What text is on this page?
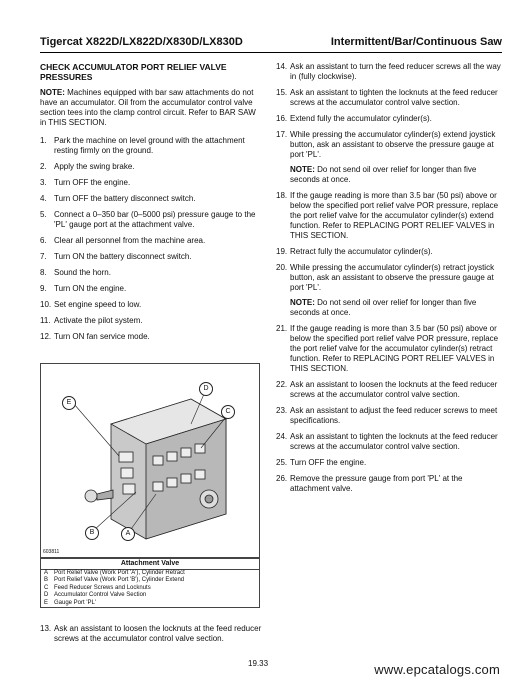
Tigercat X822D/LX822D/X830D/LX830D	Intermittent/Bar/Continuous Saw
CHECK ACCUMULATOR PORT RELIEF VALVE PRESSURES
NOTE: Machines equipped with bar saw attachments do not have an accumulator. Oil from the accumulator control valve section tees into the clamp control circuit. Refer to BAR SAW in THIS SECTION.
1. Park the machine on level ground with the attachment resting firmly on the ground.
2. Apply the swing brake.
3. Turn OFF the engine.
4. Turn OFF the battery disconnect switch.
5. Connect a 0–350 bar (0–5000 psi) pressure gauge to the 'PL' gauge port at the attachment valve.
6. Clear all personnel from the machine area.
7. Turn ON the battery disconnect switch.
8. Sound the horn.
9. Turn ON the engine.
10. Set engine speed to low.
11. Activate the pilot system.
12. Turn ON fan service mode.
E
D
C
B	A
603811
Attachment Valve
A Port Relief Valve (Work Port 'A'), Cylinder Retract
B Port Relief Valve (Work Port 'B'), Cylinder Extend
C Feed Reducer Screws and Locknuts
D Accumulator Control Valve Section
E Gauge Port 'PL'
13. Ask an assistant to loosen the locknuts at the feed reducer screws at the accumulator control valve section.
14. Ask an assistant to turn the feed reducer screws all the way in (fully clockwise).
15. Ask an assistant to tighten the locknuts at the feed reducer screws at the accumulator control valve section.
16. Extend fully the accumulator cylinder(s).
17. While pressing the accumulator cylinder(s) extend joystick button, ask an assistant to observe the pressure gauge at port 'PL'.
NOTE: Do not send oil over relief for longer than five seconds at once.
18. If the gauge reading is more than 3.5 bar (50 psi) above or below the specified port relief valve POR pressure, replace the port relief valve for the accumulator cylinder(s) extend function. Refer to REPLACING PORT RELIEF VALVES in THIS SECTION.
19. Retract fully the accumulator cylinder(s).
20. While pressing the accumulator cylinder(s) retract joystick button, ask an assistant to observe the pressure gauge at port 'PL'.
NOTE: Do not send oil over relief for longer than five seconds at once.
21. If the gauge reading is more than 3.5 bar (50 psi) above or below the specified port relief valve POR pressure, replace the port relief valve for the accumulator cylinder(s) retract function. Refer to REPLACING PORT RELIEF VALVES in THIS SECTION.
22. Ask an assistant to loosen the locknuts at the feed reducer screws at the accumulator control valve section.
23. Ask an assistant to adjust the feed reducer screws to meet specifications.
24. Ask an assistant to tighten the locknuts at the feed reducer screws at the accumulator control valve section.
25. Turn OFF the engine.
26. Remove the pressure gauge from port 'PL' at the attachment valve.
19.33	www.epcatalogs.com
